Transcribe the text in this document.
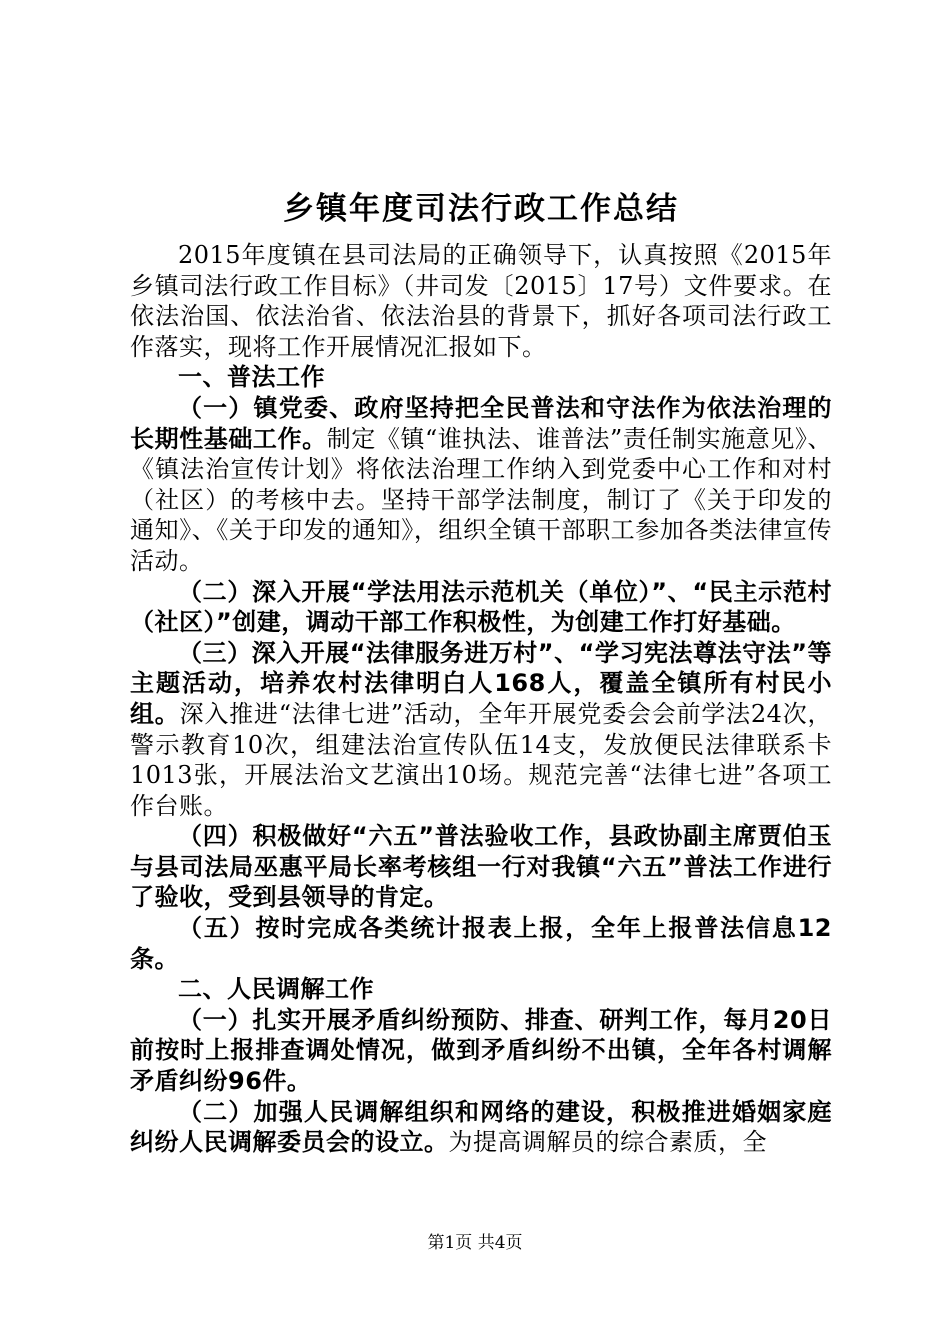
乡镇年度司法行政工作总结

2015年度镇在县司法局的正确领导下，认真按照《2015年乡镇司法行政工作目标》（井司发〔2015〕17号）文件要求。在依法治国、依法治省、依法治县的背景下，抓好各项司法行政工作落实，现将工作开展情况汇报如下。

一、普法工作

（一）镇党委、政府坚持把全民普法和守法作为依法治理的长期性基础工作。制定《镇“谁执法、谁普法”责任制实施意见》、《镇法治宣传计划》将依法治理工作纳入到党委中心工作和对村（社区）的考核中去。坚持干部学法制度，制订了《关于印发的通知》、《关于印发的通知》，组织全镇干部职工参加各类法律宣传活动。

（二）深入开展“学法用法示范机关（单位）”、“民主示范村（社区）”创建，调动干部工作积极性，为创建工作打好基础。

（三）深入开展“法律服务进万村”、“学习宪法尊法守法”等主题活动，培养农村法律明白人168人，覆盖全镇所有村民小组。深入推进“法律七进”活动，全年开展党委会会前学法24次，警示教育10次，组建法治宣传队伍14支，发放便民法律联系卡1013张，开展法治文艺演出10场。规范完善“法律七进”各项工作台账。

（四）积极做好“六五”普法验收工作，县政协副主席贾伯玉与县司法局巫惠平局长率考核组一行对我镇“六五”普法工作进行了验收，受到县领导的肯定。

（五）按时完成各类统计报表上报，全年上报普法信息12条。

二、人民调解工作

（一）扎实开展矛盾纠纷预防、排查、研判工作，每月20日前按时上报排查调处情况，做到矛盾纠纷不出镇，全年各村调解矛盾纠纷96件。

（二）加强人民调解组织和网络的建设，积极推进婚姻家庭纠纷人民调解委员会的设立。为提高调解员的综合素质，全

第1页 共4页
